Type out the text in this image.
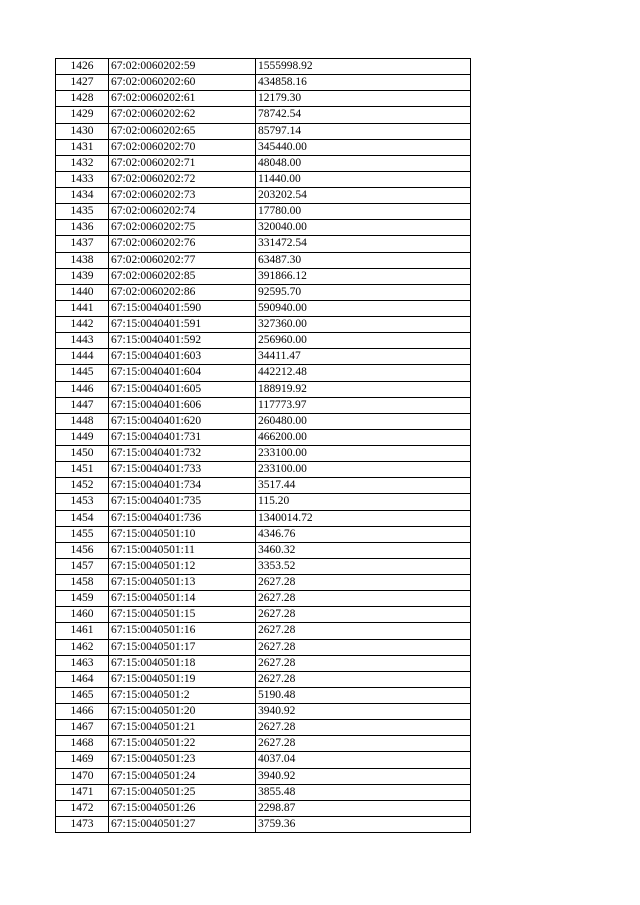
1426	67:02:0060202:59	1555998.92
1427	67:02:0060202:60	434858.16
1428	67:02:0060202:61	12179.30
1429	67:02:0060202:62	78742.54
1430	67:02:0060202:65	85797.14
1431	67:02:0060202:70	345440.00
1432	67:02:0060202:71	48048.00
1433	67:02:0060202:72	11440.00
1434	67:02:0060202:73	203202.54
1435	67:02:0060202:74	17780.00
1436	67:02:0060202:75	320040.00
1437	67:02:0060202:76	331472.54
1438	67:02:0060202:77	63487.30
1439	67:02:0060202:85	391866.12
1440	67:02:0060202:86	92595.70
1441	67:15:0040401:590	590940.00
1442	67:15:0040401:591	327360.00
1443	67:15:0040401:592	256960.00
1444	67:15:0040401:603	34411.47
1445	67:15:0040401:604	442212.48
1446	67:15:0040401:605	188919.92
1447	67:15:0040401:606	117773.97
1448	67:15:0040401:620	260480.00
1449	67:15:0040401:731	466200.00
1450	67:15:0040401:732	233100.00
1451	67:15:0040401:733	233100.00
1452	67:15:0040401:734	3517.44
1453	67:15:0040401:735	115.20
1454	67:15:0040401:736	1340014.72
1455	67:15:0040501:10	4346.76
1456	67:15:0040501:11	3460.32
1457	67:15:0040501:12	3353.52
1458	67:15:0040501:13	2627.28
1459	67:15:0040501:14	2627.28
1460	67:15:0040501:15	2627.28
1461	67:15:0040501:16	2627.28
1462	67:15:0040501:17	2627.28
1463	67:15:0040501:18	2627.28
1464	67:15:0040501:19	2627.28
1465	67:15:0040501:2	5190.48
1466	67:15:0040501:20	3940.92
1467	67:15:0040501:21	2627.28
1468	67:15:0040501:22	2627.28
1469	67:15:0040501:23	4037.04
1470	67:15:0040501:24	3940.92
1471	67:15:0040501:25	3855.48
1472	67:15:0040501:26	2298.87
1473	67:15:0040501:27	3759.36
